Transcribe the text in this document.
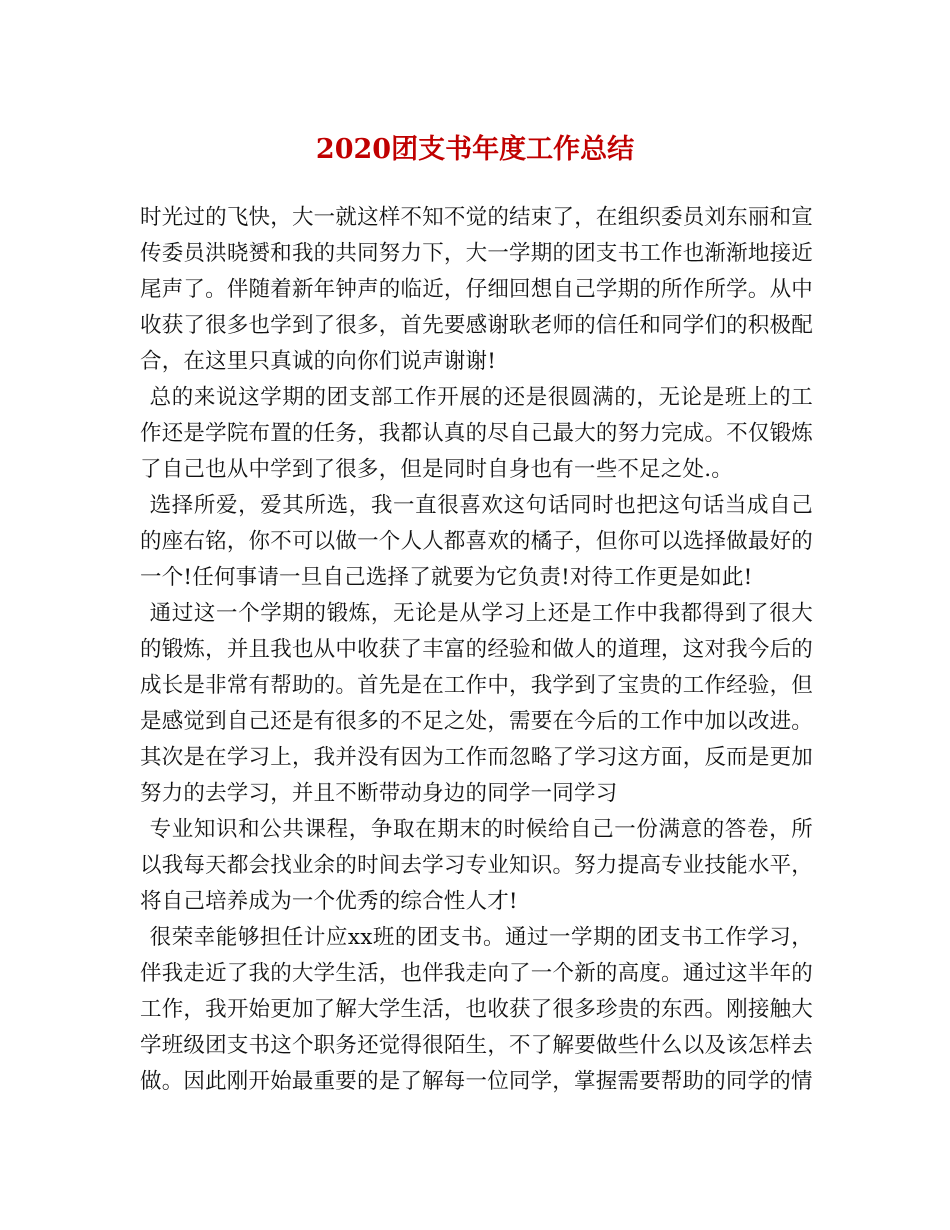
2020团支书年度工作总结

时光过的飞快，大一就这样不知不觉的结束了，在组织委员刘东丽和宣传委员洪晓赟和我的共同努力下，大一学期的团支书工作也渐渐地接近尾声了。伴随着新年钟声的临近，仔细回想自己学期的所作所学。从中收获了很多也学到了很多，首先要感谢耿老师的信任和同学们的积极配合，在这里只真诚的向你们说声谢谢!

总的来说这学期的团支部工作开展的还是很圆满的，无论是班上的工作还是学院布置的任务，我都认真的尽自己最大的努力完成。不仅锻炼了自己也从中学到了很多，但是同时自身也有一些不足之处.。

选择所爱，爱其所选，我一直很喜欢这句话同时也把这句话当成自己的座右铭，你不可以做一个人人都喜欢的橘子，但你可以选择做最好的一个!任何事请一旦自己选择了就要为它负责!对待工作更是如此!

通过这一个学期的锻炼，无论是从学习上还是工作中我都得到了很大的锻炼，并且我也从中收获了丰富的经验和做人的道理，这对我今后的成长是非常有帮助的。首先是在工作中，我学到了宝贵的工作经验，但是感觉到自己还是有很多的不足之处，需要在今后的工作中加以改进。其次是在学习上，我并没有因为工作而忽略了学习这方面，反而是更加努力的去学习，并且不断带动身边的同学一同学习

专业知识和公共课程，争取在期末的时候给自己一份满意的答卷，所以我每天都会找业余的时间去学习专业知识。努力提高专业技能水平，将自己培养成为一个优秀的综合性人才!

很荣幸能够担任计应xx班的团支书。通过一学期的团支书工作学习，伴我走近了我的大学生活，也伴我走向了一个新的高度。通过这半年的工作，我开始更加了解大学生活，也收获了很多珍贵的东西。刚接触大学班级团支书这个职务还觉得很陌生，不了解要做些什么以及该怎样去做。因此刚开始最重要的是了解每一位同学，掌握需要帮助的同学的情
